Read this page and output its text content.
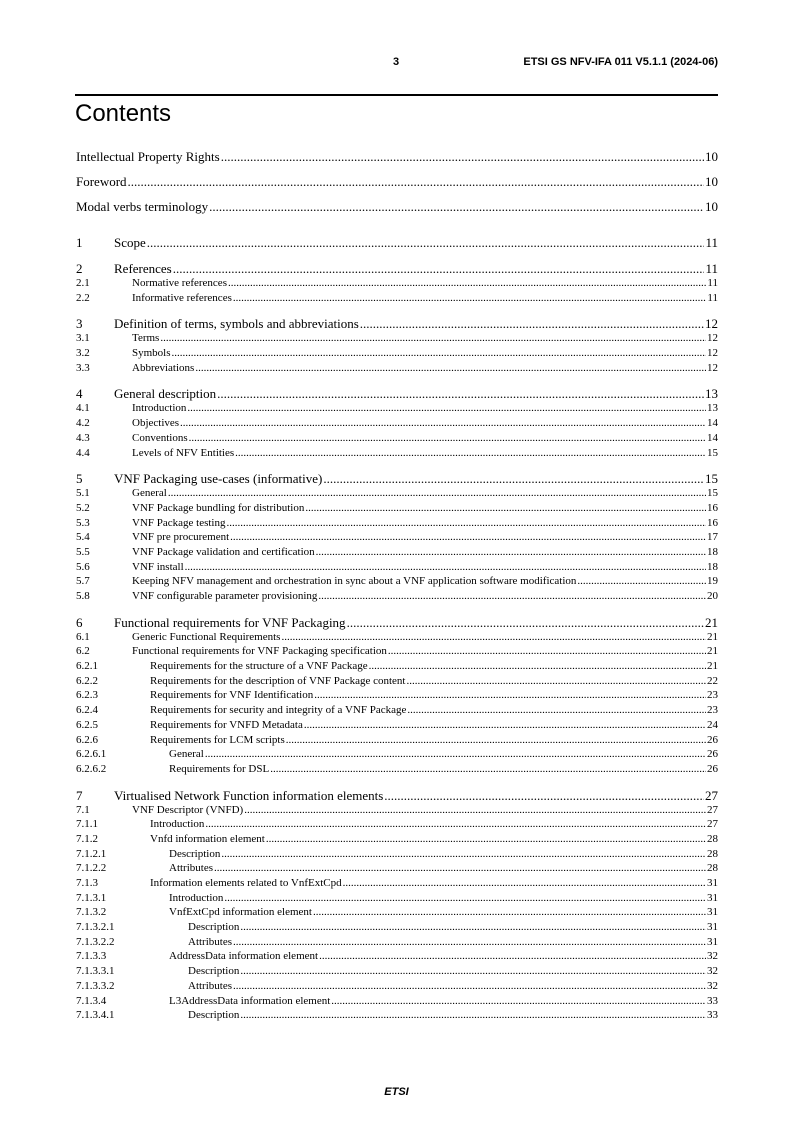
3	ETSI GS NFV-IFA 011 V5.1.1 (2024-06)
Contents
Intellectual Property Rights .....	10
Foreword .....	10
Modal verbs terminology .....	10
1	Scope .....	11
2	References .....	11
2.1	Normative references .....	11
2.2	Informative references .....	11
3	Definition of terms, symbols and abbreviations .....	12
3.1	Terms .....	12
3.2	Symbols .....	12
3.3	Abbreviations .....	12
4	General description .....	13
4.1	Introduction .....	13
4.2	Objectives .....	14
4.3	Conventions .....	14
4.4	Levels of NFV Entities .....	15
5	VNF Packaging use-cases (informative) .....	15
5.1	General .....	15
5.2	VNF Package bundling for distribution .....	16
5.3	VNF Package testing .....	16
5.4	VNF pre procurement .....	17
5.5	VNF Package validation and certification .....	18
5.6	VNF install .....	18
5.7	Keeping NFV management and orchestration in sync about a VNF application software modification .....	19
5.8	VNF configurable parameter provisioning .....	20
6	Functional requirements for VNF Packaging .....	21
6.1	Generic Functional Requirements .....	21
6.2	Functional requirements for VNF Packaging specification .....	21
6.2.1	Requirements for the structure of a VNF Package .....	21
6.2.2	Requirements for the description of VNF Package content .....	22
6.2.3	Requirements for VNF Identification .....	23
6.2.4	Requirements for security and integrity of a VNF Package .....	23
6.2.5	Requirements for VNFD Metadata .....	24
6.2.6	Requirements for LCM scripts .....	26
6.2.6.1	General .....	26
6.2.6.2	Requirements for DSL .....	26
7	Virtualised Network Function information elements .....	27
7.1	VNF Descriptor (VNFD) .....	27
7.1.1	Introduction .....	27
7.1.2	Vnfd information element .....	28
7.1.2.1	Description .....	28
7.1.2.2	Attributes .....	28
7.1.3	Information elements related to VnfExtCpd .....	31
7.1.3.1	Introduction .....	31
7.1.3.2	VnfExtCpd information element .....	31
7.1.3.2.1	Description .....	31
7.1.3.2.2	Attributes .....	31
7.1.3.3	AddressData information element .....	32
7.1.3.3.1	Description .....	32
7.1.3.3.2	Attributes .....	32
7.1.3.4	L3AddressData information element .....	33
7.1.3.4.1	Description .....	33
ETSI
